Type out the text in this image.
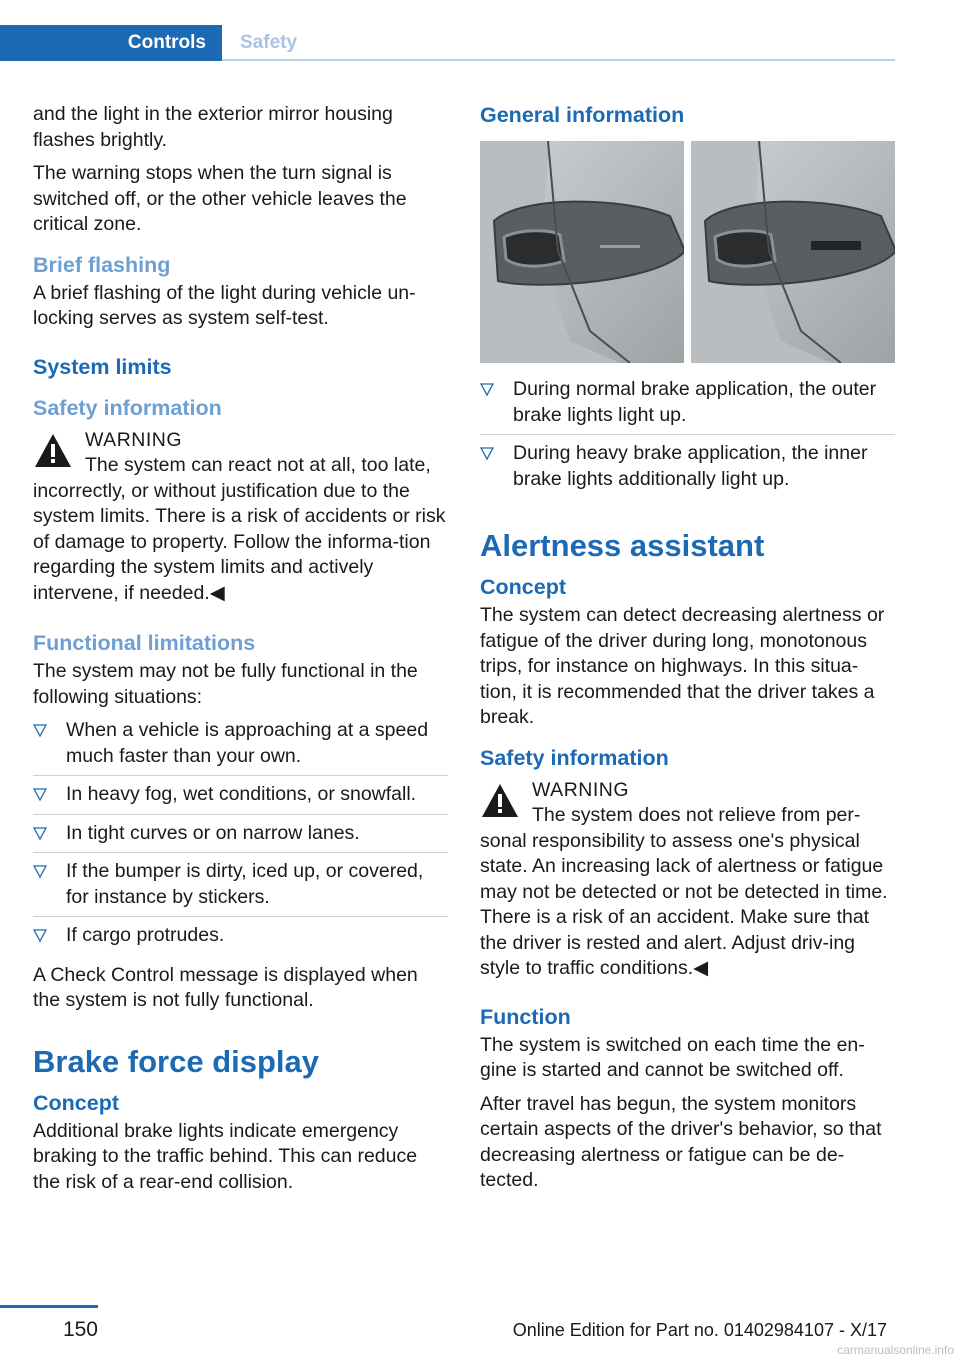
Controls	Safety

and the light in the exterior mirror housing flashes brightly.

The warning stops when the turn signal is switched off, or the other vehicle leaves the critical zone.

Brief flashing

A brief flashing of the light during vehicle un‐locking serves as system self-test.

System limits
Safety information
WARNING
The system can react not at all, too late, incorrectly, or without justification due to the system limits. There is a risk of accidents or risk of damage to property. Follow the informa‐tion regarding the system limits and actively intervene, if needed.◀
Functional limitations

The system may not be fully functional in the following situations:

When a vehicle is approaching at a speed much faster than your own.
In heavy fog, wet conditions, or snowfall.
In tight curves or on narrow lanes.
If the bumper is dirty, iced up, or covered, for instance by stickers.
If cargo protrudes.

A Check Control message is displayed when the system is not fully functional.

Brake force display
Concept

Additional brake lights indicate emergency braking to the traffic behind. This can reduce the risk of a rear-end collision.

General information
During normal brake application, the outer brake lights light up.
During heavy brake application, the inner brake lights additionally light up.
Alertness assistant
Concept

The system can detect decreasing alertness or fatigue of the driver during long, monotonous trips, for instance on highways. In this situa‐tion, it is recommended that the driver takes a break.

Safety information
WARNING
The system does not relieve from per‐sonal responsibility to assess one's physical state. An increasing lack of alertness or fatigue may not be detected or not be detected in time. There is a risk of an accident. Make sure that the driver is rested and alert. Adjust driv‐ing style to traffic conditions.◀
Function

The system is switched on each time the en‐gine is started and cannot be switched off.

After travel has begun, the system monitors certain aspects of the driver's behavior, so that decreasing alertness or fatigue can be de‐tected.

150	Online Edition for Part no. 01402984107 - X/17
carmanualsonline.info
